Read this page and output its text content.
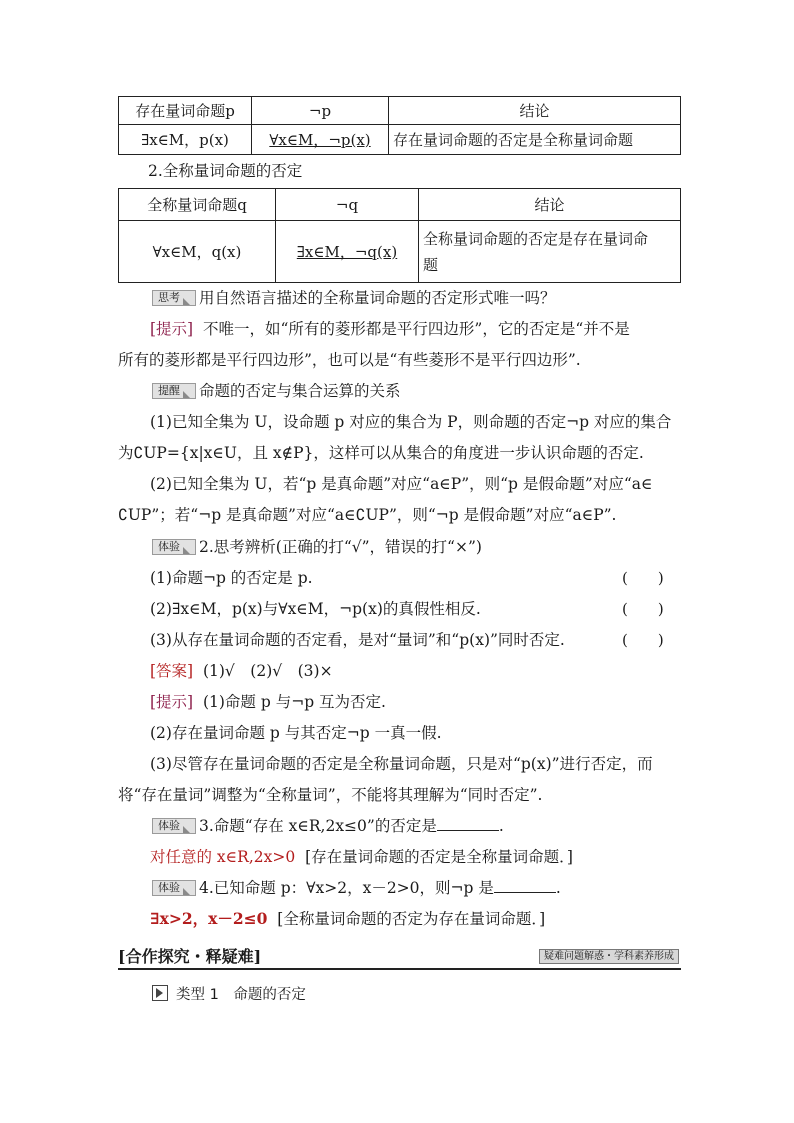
存在量词命题p	¬p	结论
∃x∈M，p(x)	∀x∈M，¬p(x)	存在量词命题的否定是全称量词命题
2.全称量词命题的否定
全称量词命题q	¬q	结论
∀x∈M，q(x)	∃x∈M，¬q(x)	全称量词命题的否定是存在量词命
题
思考 用自然语言描述的全称量词命题的否定形式唯一吗？
[提示] 不唯一，如“所有的菱形都是平行四边形”，它的否定是“并不是
所有的菱形都是平行四边形”，也可以是“有些菱形不是平行四边形”.
提醒 命题的否定与集合运算的关系
(1)已知全集为 U，设命题 p 对应的集合为 P，则命题的否定¬p 对应的集合
为∁UP={x|x∈U，且 x∉P}，这样可以从集合的角度进一步认识命题的否定.
(2)已知全集为 U，若“p 是真命题”对应“a∈P”，则“p 是假命题”对应“a∈
∁UP”；若“¬p 是真命题”对应“a∈∁UP”，则“¬p 是假命题”对应“a∈P”.
体验 2.思考辨析(正确的打“√”，错误的打“×”)
(1)命题¬p 的否定是 p.	(　　)
(2)∃x∈M，p(x)与∀x∈M，¬p(x)的真假性相反.	(　　)
(3)从存在量词命题的否定看，是对“量词”和“p(x)”同时否定.	(　　)
[答案] (1)√　(2)√　(3)×
[提示] (1)命题 p 与¬p 互为否定.
(2)存在量词命题 p 与其否定¬p 一真一假.
(3)尽管存在量词命题的否定是全称量词命题，只是对“p(x)”进行否定，而
将“存在量词”调整为“全称量词”，不能将其理解为“同时否定”.
体验 3.命题“存在 x∈R,2x≤0”的否定是	.
对任意的 x∈R,2x>0 [存在量词命题的否定是全称量词命题．]
体验 4.已知命题 p：∀x>2，x－2>0，则¬p 是	.
∃x>2，x－2≤0 [全称量词命题的否定为存在量词命题．]
[合作探究・释疑难]	疑难问题解惑・学科素养形成
类型 1　命题的否定
